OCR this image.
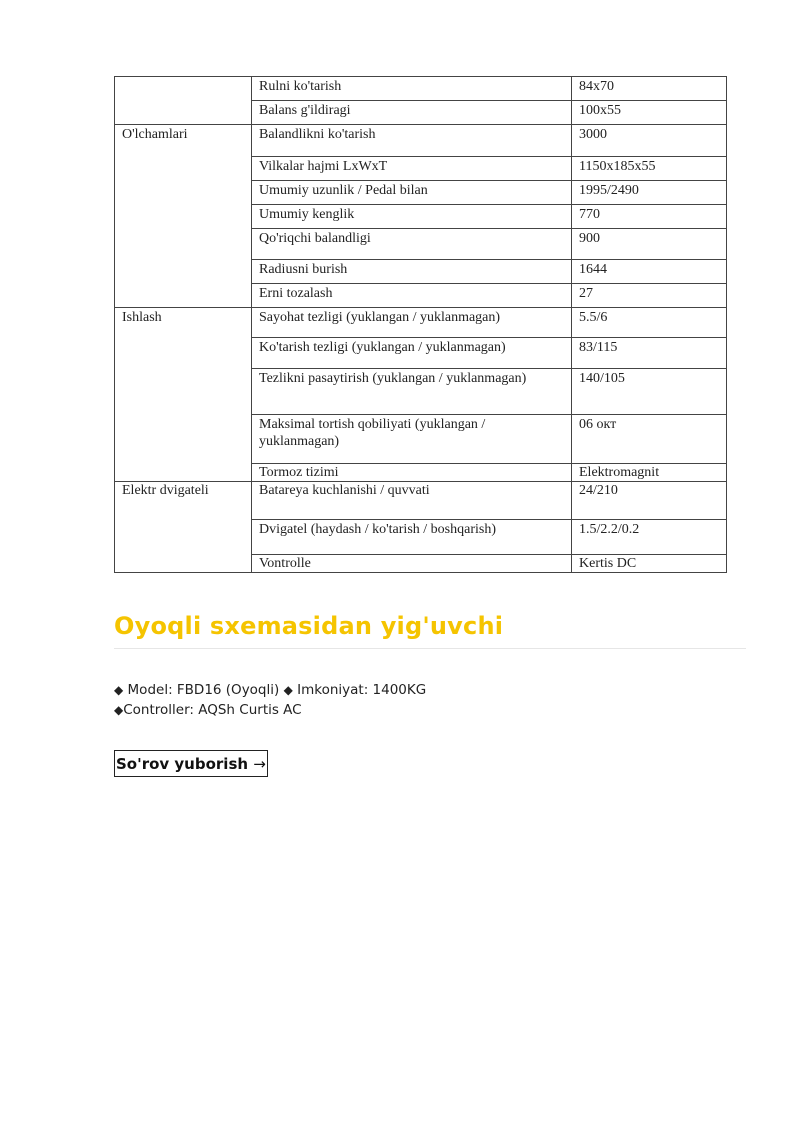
	Rulni ko'tarish	84x70
	Balans g'ildiragi	100x55
O'lchamlari	Balandlikni ko'tarish	3000
	Vilkalar hajmi LxWxT	1150x185x55
	Umumiy uzunlik / Pedal bilan	1995/2490
	Umumiy kenglik	770
	Qo'riqchi balandligi	900
	Radiusni burish	1644
	Erni tozalash	27
Ishlash	Sayohat tezligi (yuklangan / yuklanmagan)	5.5/6
	Ko'tarish tezligi (yuklangan / yuklanmagan)	83/115
	Tezlikni pasaytirish (yuklangan / yuklanmagan)	140/105
	Maksimal tortish qobiliyati (yuklangan / yuklanmagan)	06 окт
	Tormoz tizimi	Elektromagnit
Elektr dvigateli	Batareya kuchlanishi / quvvati	24/210
	Dvigatel (haydash / ko'tarish / boshqarish)	1.5/2.2/0.2
	Vontrolle	Kertis DC
Oyoqli sxemasidan yig'uvchi
◆ Model: FBD16 (Oyoqli) ◆ Imkoniyat: 1400KG
◆Controller: AQSh Curtis AC
So'rov yuborish →
